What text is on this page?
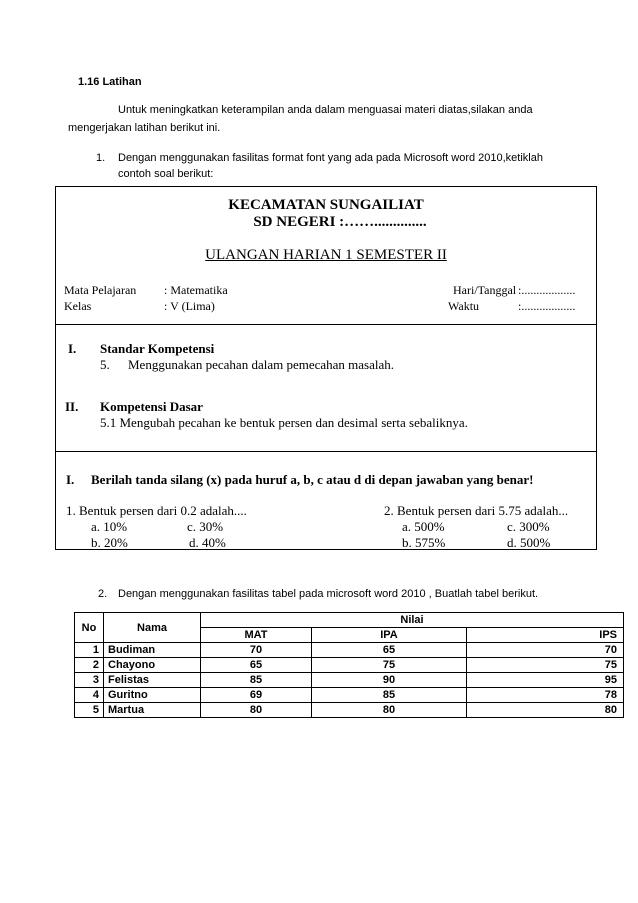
1.16 Latihan
Untuk meningkatkan keterampilan anda dalam menguasai materi diatas,silakan anda
mengerjakan latihan berikut ini.
1. Dengan menggunakan fasilitas format font yang ada pada Microsoft word 2010,ketiklah
contoh soal berikut:
KECAMATAN SUNGAILIAT
SD NEGERI :……..............
ULANGAN HARIAN 1 SEMESTER II
Mata Pelajaran : Matematika
Kelas	: V (Lima)
Hari/Tanggal :..................
Waktu	:..................
I. Standar Kompetensi
5. Menggunakan pecahan dalam pemecahan masalah.
II. Kompetensi Dasar
5.1 Mengubah pecahan ke bentuk persen dan desimal serta sebaliknya.
I. Berilah tanda silang (x) pada huruf a, b, c atau d di depan jawaban yang benar!
1. Bentuk persen dari 0.2 adalah....
a. 10%	c. 30%
b. 20%	d. 40%
2. Bentuk persen dari 5.75 adalah...
a. 500%	c. 300%
b. 575%	d. 500%
2. Dengan menggunakan fasilitas tabel pada microsoft word 2010 , Buatlah tabel berikut.
No	Nama	Nilai		
		MAT	IPA	IPS
1	Budiman	70	65	70
2	Chayono	65	75	75
3	Felistas	85	90	95
4	Guritno	69	85	78
5	Martua	80	80	80
